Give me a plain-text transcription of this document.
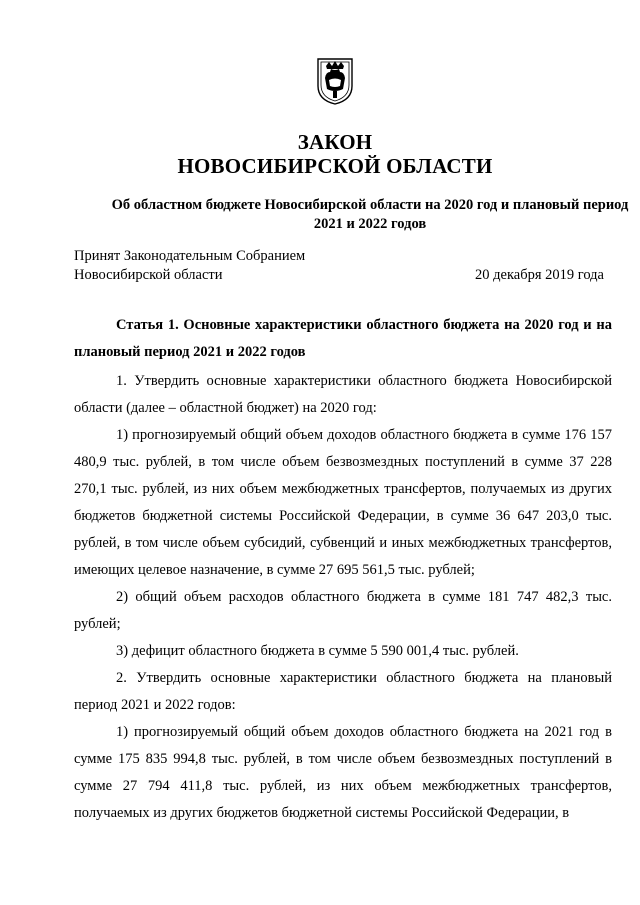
ЗАКОН
НОВОСИБИРСКОЙ ОБЛАСТИ
Об областном бюджете Новосибирской области на 2020 год и плановый период 2021 и 2022 годов
Принят Законодательным Собранием
Новосибирской области	20 декабря 2019 года

Статья 1. Основные характеристики областного бюджета на 2020 год и на плановый период 2021 и 2022 годов

1. Утвердить основные характеристики областного бюджета Новосибирской области (далее – областной бюджет) на 2020 год:

1) прогнозируемый общий объем доходов областного бюджета в сумме 176 157 480,9 тыс. рублей, в том числе объем безвозмездных поступлений в сумме 37 228 270,1 тыс. рублей, из них объем межбюджетных трансфертов, получаемых из других бюджетов бюджетной системы Российской Федерации, в сумме 36 647 203,0 тыс. рублей, в том числе объем субсидий, субвенций и иных межбюджетных трансфертов, имеющих целевое назначение, в сумме 27 695 561,5 тыс. рублей;

2) общий объем расходов областного бюджета в сумме 181 747 482,3 тыс. рублей;

3) дефицит областного бюджета в сумме 5 590 001,4 тыс. рублей.

2. Утвердить основные характеристики областного бюджета на плановый период 2021 и 2022 годов:

1) прогнозируемый общий объем доходов областного бюджета на 2021 год в сумме 175 835 994,8 тыс. рублей, в том числе объем безвозмездных поступлений в сумме 27 794 411,8 тыс. рублей, из них объем межбюджетных трансфертов, получаемых из других бюджетов бюджетной системы Российской Федерации, в
